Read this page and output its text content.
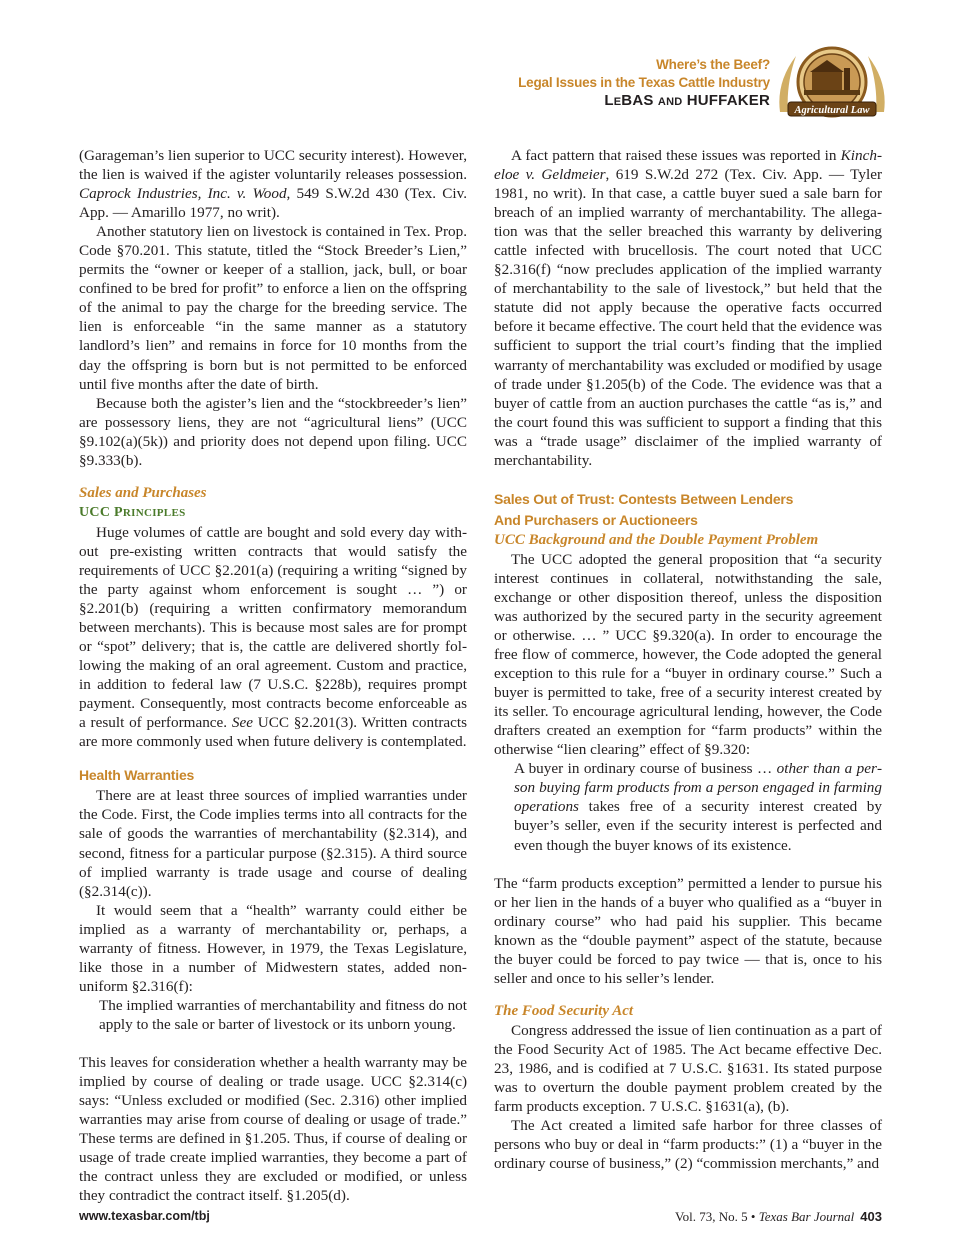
Where’s the Beef?
Legal Issues in the Texas Cattle Industry
LEBAS AND HUFFAKER
Agricultural Law

(Garageman’s lien superior to UCC security interest). However, the lien is waived if the agister voluntarily releases possession. Caprock Industries, Inc. v. Wood, 549 S.W.2d 430 (Tex. Civ. App. — Amarillo 1977, no writ).

Another statutory lien on livestock is contained in Tex. Prop. Code §70.201. This statute, titled the “Stock Breeder’s Lien,” permits the “owner or keeper of a stallion, jack, bull, or boar confined to be bred for profit” to enforce a lien on the offspring of the animal to pay the charge for the breeding service. The lien is enforceable “in the same manner as a statutory landlord’s lien” and remains in force for 10 months from the day the offspring is born but is not permitted to be enforced until five months after the date of birth.

Because both the agister’s lien and the “stockbreeder’s lien” are possessory liens, they are not “agricultural liens” (UCC §9.102(a)(5k)) and priority does not depend upon filing. UCC §9.333(b).

Sales and Purchases
UCC PRINCIPLES

Huge volumes of cattle are bought and sold every day without pre-existing written contracts that would satisfy the requirements of UCC §2.201(a) (requiring a writing “signed by the party against whom enforcement is sought … ”) or §2.201(b) (requiring a written confirmatory memorandum between merchants). This is because most sales are for prompt or “spot” delivery; that is, the cattle are delivered shortly following the making of an oral agreement. Custom and practice, in addition to federal law (7 U.S.C. §228b), requires prompt payment. Consequently, most contracts become enforceable as a result of performance. See UCC §2.201(3). Written contracts are more commonly used when future delivery is contemplated.

Health Warranties

There are at least three sources of implied warranties under the Code. First, the Code implies terms into all contracts for the sale of goods the warranties of merchantability (§2.314), and second, fitness for a particular purpose (§2.315). A third source of implied warranty is trade usage and course of dealing (§2.314(c)).

It would seem that a “health” warranty could either be implied as a warranty of merchantability or, perhaps, a warranty of fitness. However, in 1979, the Texas Legislature, like those in a number of Midwestern states, added non-uniform §2.316(f):

The implied warranties of merchantability and fitness do not apply to the sale or barter of livestock or its unborn young.

This leaves for consideration whether a health warranty may be implied by course of dealing or trade usage. UCC §2.314(c) says: “Unless excluded or modified (Sec. 2.316) other implied warranties may arise from course of dealing or usage of trade.” These terms are defined in §1.205. Thus, if course of dealing or usage of trade create implied warranties, they become a part of the contract unless they are excluded or modified, or unless they contradict the contract itself. §1.205(d).

A fact pattern that raised these issues was reported in Kincheloe v. Geldmeier, 619 S.W.2d 272 (Tex. Civ. App. — Tyler 1981, no writ). In that case, a cattle buyer sued a sale barn for breach of an implied warranty of merchantability. The allegation was that the seller breached this warranty by delivering cattle infected with brucellosis. The court noted that UCC §2.316(f) “now precludes application of the implied warranty of merchantability to the sale of livestock,” but held that the statute did not apply because the operative facts occurred before it became effective. The court held that the evidence was sufficient to support the trial court’s finding that the implied warranty of merchantability was excluded or modified by usage of trade under §1.205(b) of the Code. The evidence was that a buyer of cattle from an auction purchases the cattle “as is,” and the court found this was sufficient to support a finding that this was a “trade usage” disclaimer of the implied warranty of merchantability.

Sales Out of Trust: Contests Between Lenders
And Purchasers or Auctioneers
UCC Background and the Double Payment Problem

The UCC adopted the general proposition that “a security interest continues in collateral, notwithstanding the sale, exchange or other disposition thereof, unless the disposition was authorized by the secured party in the security agreement or otherwise. … ” UCC §9.320(a). In order to encourage the free flow of commerce, however, the Code adopted the general exception to this rule for a “buyer in ordinary course.” Such a buyer is permitted to take, free of a security interest created by its seller. To encourage agricultural lending, however, the Code drafters created an exemption for “farm products” within the otherwise “lien clearing” effect of §9.320:

A buyer in ordinary course of business … other than a person buying farm products from a person engaged in farming operations takes free of a security interest created by buyer’s seller, even if the security interest is perfected and even though the buyer knows of its existence.

The “farm products exception” permitted a lender to pursue his or her lien in the hands of a buyer who qualified as a “buyer in ordinary course” who had paid his supplier. This became known as the “double payment” aspect of the statute, because the buyer could be forced to pay twice — that is, once to his seller and once to his seller’s lender.

The Food Security Act

Congress addressed the issue of lien continuation as a part of the Food Security Act of 1985. The Act became effective Dec. 23, 1986, and is codified at 7 U.S.C. §1631. Its stated purpose was to overturn the double payment problem created by the farm products exception. 7 U.S.C. §1631(a), (b).

The Act created a limited safe harbor for three classes of persons who buy or deal in “farm products:” (1) a “buyer in the ordinary course of business,” (2) “commission merchants,” and

www.texasbar.com/tbj	Vol. 73, No. 5 • Texas Bar Journal 403
